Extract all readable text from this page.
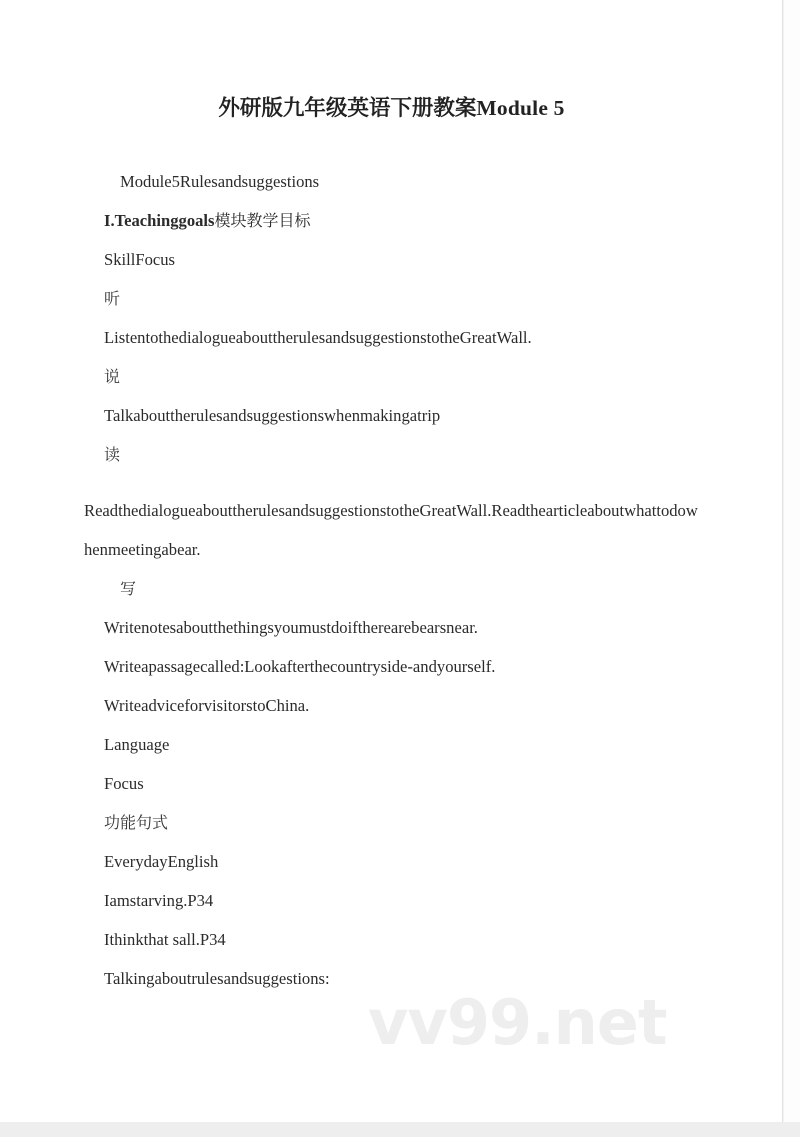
外研版九年级英语下册教案Module 5
Module5Rulesandsuggestions
I.Teachinggoals模块教学目标
SkillFocus
听
ListentothedialogueabouttherulesandsuggestionstotheGreatWall.
说
Talkabouttherulesandsuggestionswhenmakingatrip
读
ReadthedialogueabouttherulesandsuggestionstotheGreatWall.Readthearticleaboutwhattodowhenmeetingabear.
写
Writenotesaboutthethingsyoumustdoiftherearebearsnear.
Writeapassagecalled:Lookafterthecountryside-andyourself.
WriteadviceforvisitorstoChina.
Language
Focus
功能句式
EverydayEnglish
Iamstarving.P34
Ithinkthat sall.P34
Talkingaboutrulesandsuggestions:
vv99.net
